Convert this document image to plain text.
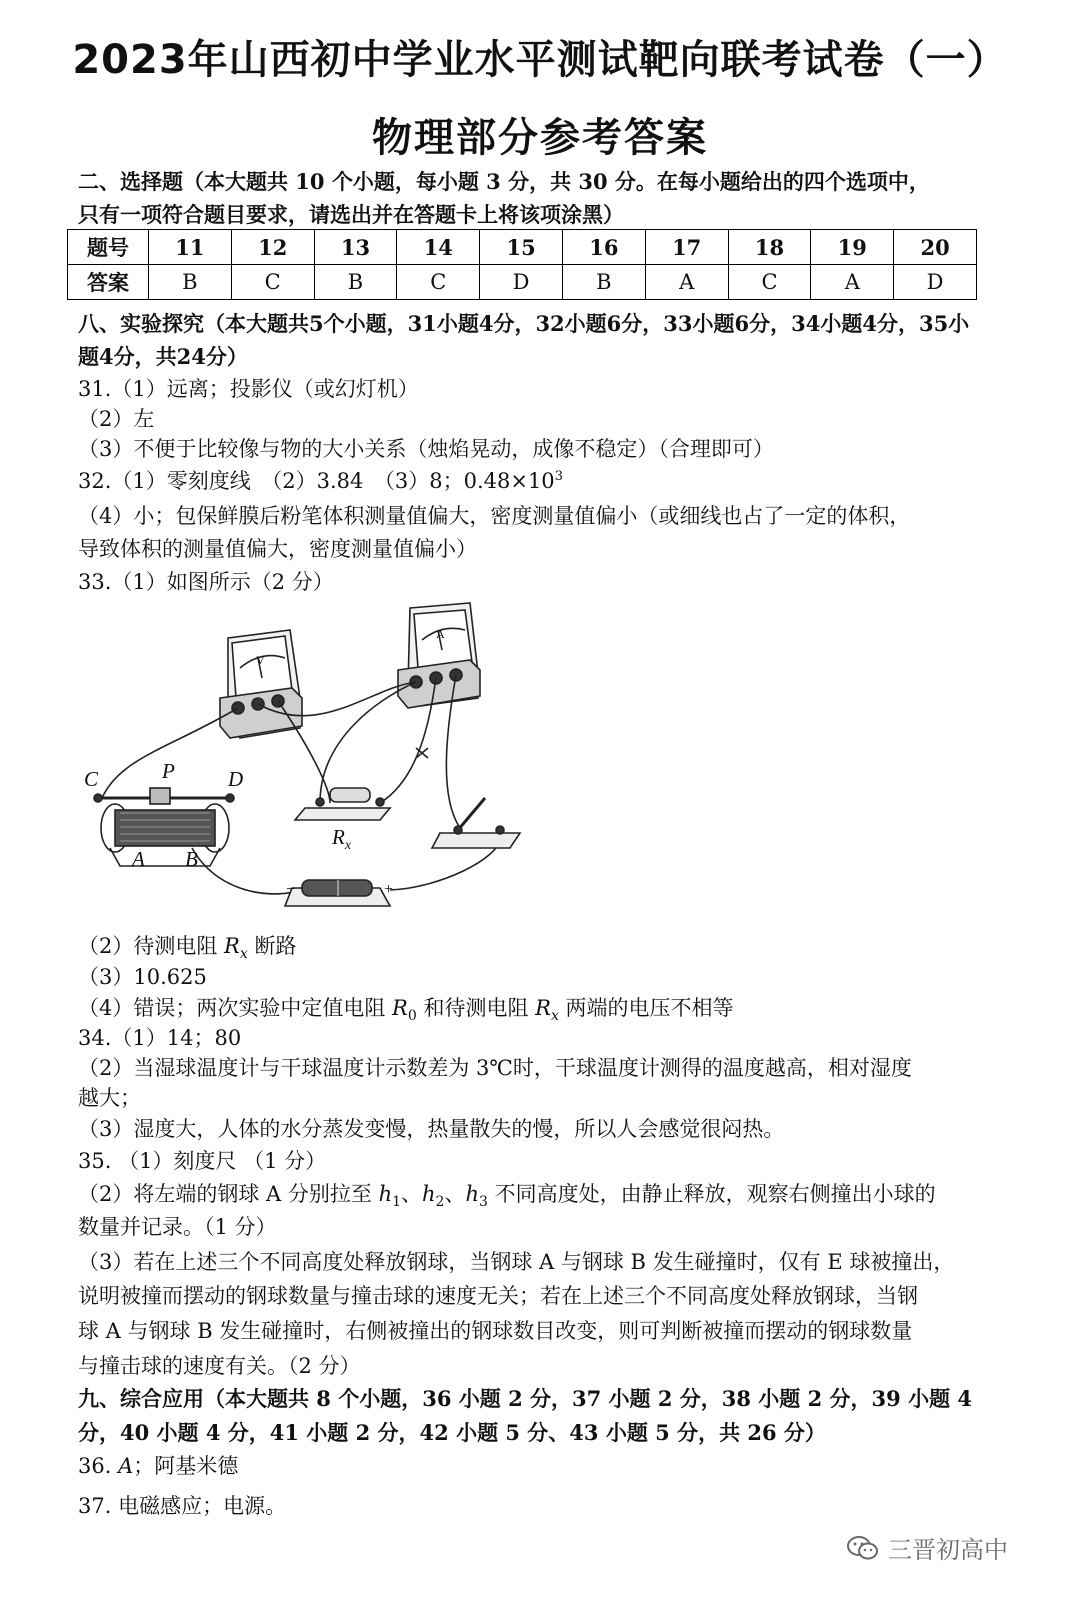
2023年山西初中学业水平测试靶向联考试卷（一）
物理部分参考答案
二、选择题（本大题共 10 个小题，每小题 3 分，共 30 分。在每小题给出的四个选项中，
只有一项符合题目要求，请选出并在答题卡上将该项涂黑）
题号	11	12	13	14	15	16	17	18	19	20
答案	B	C	B	C	D	B	A	C	A	D
八、实验探究（本大题共5个小题，31小题4分，32小题6分，33小题6分，34小题4分，35小
题4分，共24分）
31.（1）远离；投影仪（或幻灯机）
（2）左
（3）不便于比较像与物的大小关系（烛焰晃动，成像不稳定）（合理即可）
32.（1）零刻度线　（2）3.84　（3）8；$0.48\times 10^3$
（4）小；包保鲜膜后粉笔体积测量值偏大，密度测量值偏小（或细线也占了一定的体积，
导致体积的测量值偏大，密度测量值偏小）
33.（1）如图所示（2 分）
C	P	D
A B
$R_x$
V
A
−	+
（2）待测电阻 $R_x$ 断路
（3）10.625
（4）错误；两次实验中定值电阻 $R_0$ 和待测电阻 $R_x$ 两端的电压不相等
34.（1）14；80
（2）当湿球温度计与干球温度计示数差为 3℃时，干球温度计测得的温度越高，相对湿度
越大；
（3）湿度大，人体的水分蒸发变慢，热量散失的慢，所以人会感觉很闷热。
35. （1）刻度尺 （1 分）
（2）将左端的钢球 A 分别拉至 $h_1$、$h_2$、$h_3$ 不同高度处，由静止释放，观察右侧撞出小球的
数量并记录。（1 分）
（3）若在上述三个不同高度处释放钢球，当钢球 A 与钢球 B 发生碰撞时，仅有 E 球被撞出，
说明被撞而摆动的钢球数量与撞击球的速度无关；若在上述三个不同高度处释放钢球，当钢
球 A 与钢球 B 发生碰撞时，右侧被撞出的钢球数目改变，则可判断被撞而摆动的钢球数量
与撞击球的速度有关。（2 分）
九、综合应用（本大题共 8 个小题，36 小题 2 分，37 小题 2 分，38 小题 2 分，39 小题 4
分，40 小题 4 分，41 小题 2 分，42 小题 5 分、43 小题 5 分，共 26 分）
36. A；阿基米德
37. 电磁感应；电源。
三晋初高中
